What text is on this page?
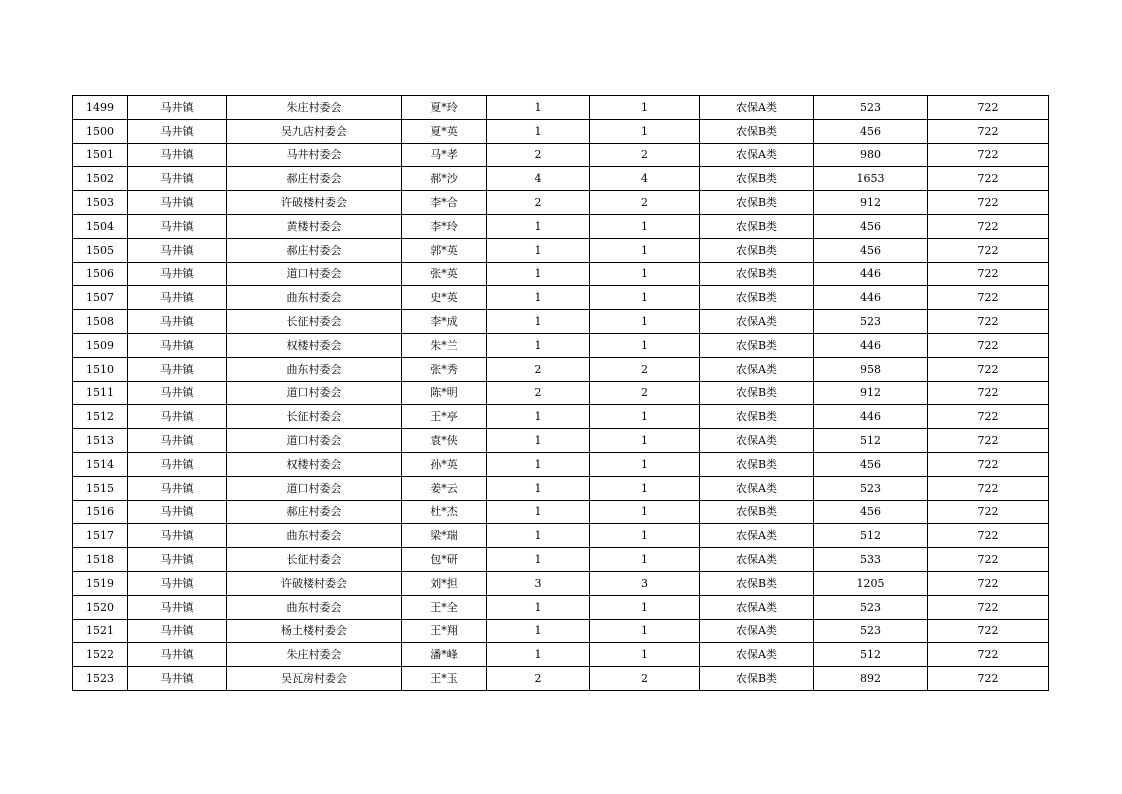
1499	马井镇	朱庄村委会	夏*玲	1	1	农保A类	523	722
1500	马井镇	吴九店村委会	夏*英	1	1	农保B类	456	722
1501	马井镇	马井村委会	马*孝	2	2	农保A类	980	722
1502	马井镇	郝庄村委会	郝*沙	4	4	农保B类	1653	722
1503	马井镇	许破楼村委会	李*合	2	2	农保B类	912	722
1504	马井镇	黄楼村委会	李*玲	1	1	农保B类	456	722
1505	马井镇	郝庄村委会	郭*英	1	1	农保B类	456	722
1506	马井镇	道口村委会	张*英	1	1	农保B类	446	722
1507	马井镇	曲东村委会	史*英	1	1	农保B类	446	722
1508	马井镇	长征村委会	李*成	1	1	农保A类	523	722
1509	马井镇	权楼村委会	朱*兰	1	1	农保B类	446	722
1510	马井镇	曲东村委会	张*秀	2	2	农保A类	958	722
1511	马井镇	道口村委会	陈*明	2	2	农保B类	912	722
1512	马井镇	长征村委会	王*亭	1	1	农保B类	446	722
1513	马井镇	道口村委会	袁*侠	1	1	农保A类	512	722
1514	马井镇	权楼村委会	孙*英	1	1	农保B类	456	722
1515	马井镇	道口村委会	姜*云	1	1	农保A类	523	722
1516	马井镇	郝庄村委会	杜*杰	1	1	农保B类	456	722
1517	马井镇	曲东村委会	梁*瑞	1	1	农保A类	512	722
1518	马井镇	长征村委会	包*研	1	1	农保A类	533	722
1519	马井镇	许破楼村委会	刘*担	3	3	农保B类	1205	722
1520	马井镇	曲东村委会	王*全	1	1	农保A类	523	722
1521	马井镇	杨土楼村委会	王*翔	1	1	农保A类	523	722
1522	马井镇	朱庄村委会	潘*峰	1	1	农保A类	512	722
1523	马井镇	吴瓦房村委会	王*玉	2	2	农保B类	892	722
